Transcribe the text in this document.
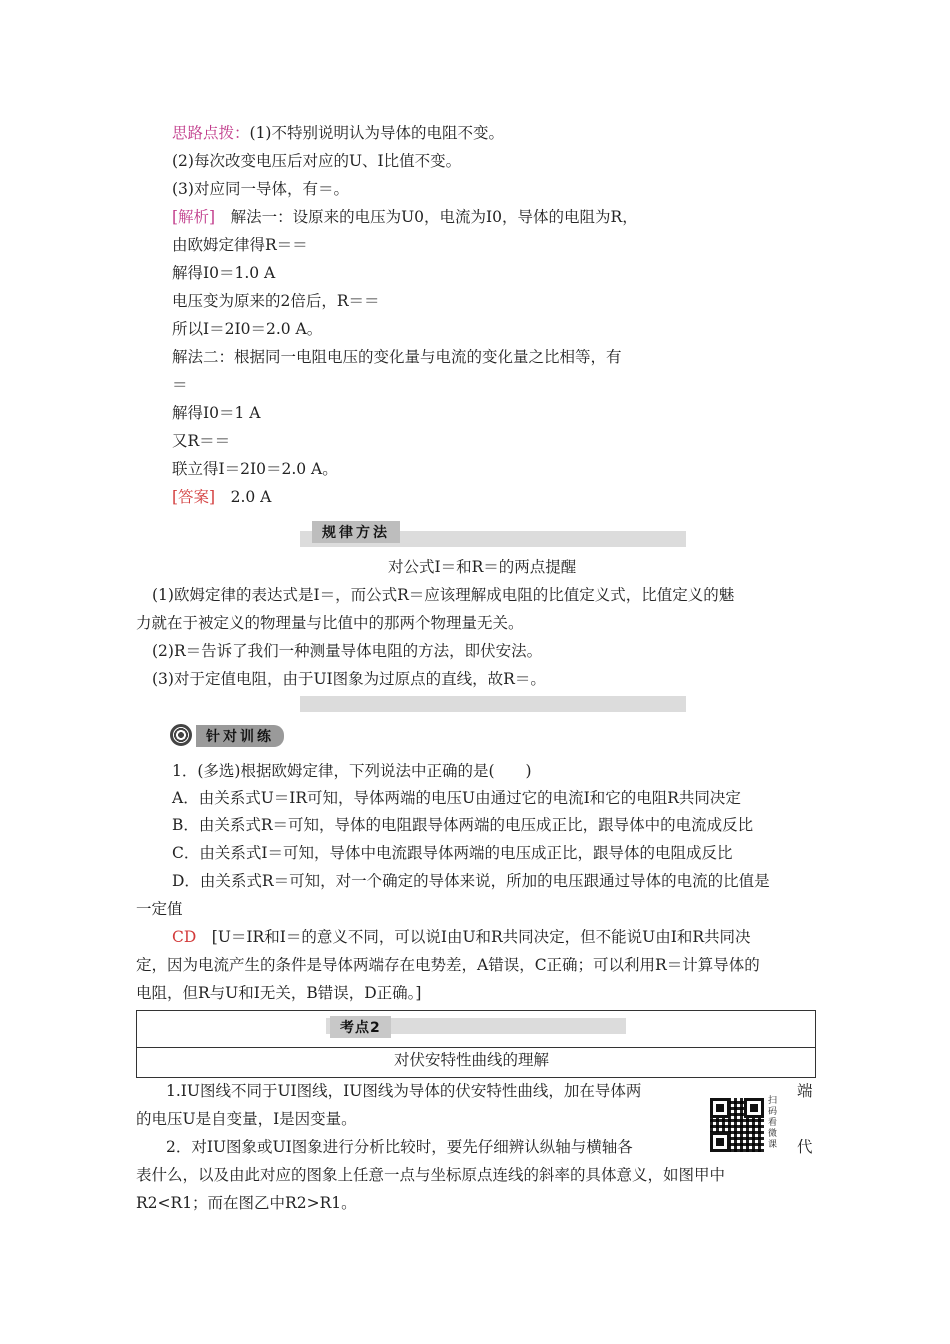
思路点拨：(1)不特别说明认为导体的电阻不变。
(2)每次改变电压后对应的U、I比值不变。
(3)对应同一导体，有＝。
[解析]　解法一：设原来的电压为U0，电流为I0，导体的电阻为R，
由欧姆定律得R＝＝
解得I0＝1.0 A
电压变为原来的2倍后，R＝＝
所以I＝2I0＝2.0 A。
解法二：根据同一电阻电压的变化量与电流的变化量之比相等，有
＝
解得I0＝1 A
又R＝＝
联立得I＝2I0＝2.0 A。
[答案]　2.0 A
规律方法
对公式I＝和R＝的两点提醒
(1)欧姆定律的表达式是I＝，而公式R＝应该理解成电阻的比值定义式，比值定义的魅
力就在于被定义的物理量与比值中的那两个物理量无关。
(2)R＝告诉了我们一种测量导体电阻的方法，即伏安法。
(3)对于定值电阻，由于UI图象为过原点的直线，故R＝。
针对训练
1．(多选)根据欧姆定律，下列说法中正确的是(　　)
A．由关系式U＝IR可知，导体两端的电压U由通过它的电流I和它的电阻R共同决定
B．由关系式R＝可知，导体的电阻跟导体两端的电压成正比，跟导体中的电流成反比
C．由关系式I＝可知，导体中电流跟导体两端的电压成正比，跟导体的电阻成反比
D．由关系式R＝可知，对一个确定的导体来说，所加的电压跟通过导体的电流的比值是
一定值
CD　[U＝IR和I＝的意义不同，可以说I由U和R共同决定，但不能说U由I和R共同决
定，因为电流产生的条件是导体两端存在电势差，A错误，C正确；可以利用R＝计算导体的
电阻，但R与U和I无关，B错误，D正确。]
考点2
对伏安特性曲线的理解
1.IU图线不同于UI图线，IU图线为导体的伏安特性曲线，加在导体两	端
的电压U是自变量，I是因变量。
2．对IU图象或UI图象进行分析比较时，要先仔细辨认纵轴与横轴各	代
表什么，以及由此对应的图象上任意一点与坐标原点连线的斜率的具体意义，如图甲中
R2<R1；而在图乙中R2>R1。
扫码看微课
